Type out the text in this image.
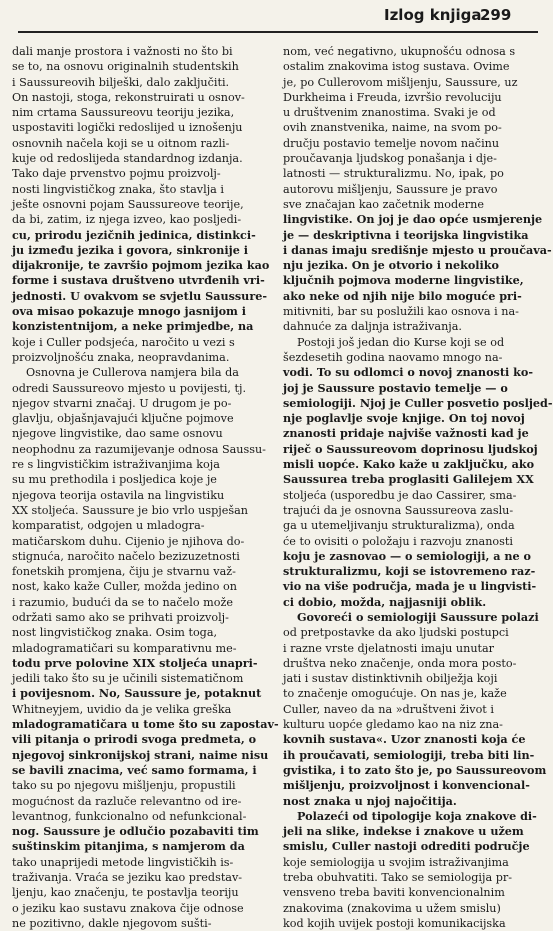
Izlog knjiga
299
dali manje prostora i važnosti no što bi
se to, na osnovu originalnih studentskih
i Saussureovih bilješki, dalo zaključiti.
On nastoji, stoga, rekonstruirati u osnov-
nim crtama Saussureovu teoriju jezika,
uspostaviti logički redoslijed u iznošenju
osnovnih načela koji se u oitnom razli-
kuje od redoslijeda standardnog izdanja.
Tako daje prvenstvo pojmu proizvolj-
nosti lingvističkog znaka, što stavlja i
ješte osnovni pojam Saussureove teorije,
da bi, zatim, iz njega izveo, kao posljedi-
cu, prirodu jezičnih jedinica, distinkci-
ju između jezika i govora, sinkronije i
dijakronije, te završio pojmom jezika kao
forme i sustava društveno utvrđenih vri-
jednosti. U ovakvom se svjetlu Saussure-
ova misao pokazuje mnogo jasnijom i
konzistentnijom, a neke primjedbe, na
koje i Culler podsjeća, naročito u vezi s
proizvoljnošću znaka, neopravdanima.
Osnovna je Cullerova namjera bila da
odredi Saussureovo mjesto u povijesti, tj.
njegov stvarni značaj. U drugom je po-
glavlju, objašnjavajući ključne pojmove
njegove lingvistike, dao same osnovu
neophodnu za razumijevanje odnosa Saussu-
re s lingvističkim istraživanjima koja
su mu prethodila i posljedica koje je
njegova teorija ostavila na lingvistiku
XX stoljeća. Saussure je bio vrlo uspješan
komparatist, odgojen u mladogra-
matičarskom duhu. Cijenio je njihova do-
stignuća, naročito načelo bezizuzetnosti
fonetskih promjena, čiju je stvarnu važ-
nost, kako kaže Culler, možda jedino on
i razumio, budući da se to načelo može
održati samo ako se prihvati proizvolj-
nost lingvističkog znaka. Osim toga,
mladogramatičari su komparativnu me-
todu prve polovine XIX stoljeća unapri-
jedili tako što su je učinili sistematičnom
i povijesnom. No, Saussure je, potaknut
Whitneyjem, uvidio da je velika greška
mladogramatičara u tome što su zapostav-
vili pitanja o prirodi svoga predmeta, o
njegovoj sinkronijskoj strani, naime nisu
se bavili znacima, već samo formama, i
tako su po njegovu mišljenju, propustili
mogućnost da razluče relevantno od ire-
levantnog, funkcionalno od nefunkcional-
nog. Saussure je odlučio pozabaviti tim
suštinskim pitanjima, s namjerom da
tako unaprijedi metode lingvističkih is-
traživanja. Vraća se jeziku kao predstav-
ljenju, kao značenju, te postavlja teoriju
o jeziku kao sustavu znakova čije odnose
ne pozitivno, dakle njegovom sušti-
nom, već negativno, ukupnošću odnosa s
ostalim znakovima istog sustava. Ovime
je, po Cullerovom mišljenju, Saussure, uz
Durkheima i Freuda, izvršio revoluciju
u društvenim znanostima. Svaki je od
ovih znanstvenika, naime, na svom po-
dručju postavio temelje novom načinu
proučavanja ljudskog ponašanja i dje-
latnosti — strukturalizmu. No, ipak, po
autorovu mišljenju, Saussure je pravo
sve značajan kao začetnik moderne
lingvistike. On joj je dao opće usmjerenje
je — deskriptivna i teorijska lingvistika
i danas imaju središnje mjesto u proučava-
nju jezika. On je otvorio i nekoliko
ključnih pojmova moderne lingvistike,
ako neke od njih nije bilo moguće pri-
mitivniti, bar su poslužili kao osnova i na-
dahnuće za daljnja istraživanja.
Postoji još jedan dio Kurse koji se od
šezdesetih godina naovamo mnogo na-
vodi. To su odlomci o novoj znanosti ko-
joj je Saussure postavio temelje — o
semiologiji. Njoj je Culler posvetio posljed-
nje poglavlje svoje knjige. On toj novoj
znanosti pridaje najviše važnosti kad je
riječ o Saussureovom doprinosu ljudskoj
misli uopće. Kako kaže u zaključku, ako
Saussurea treba proglasiti Galilejem XX
stoljeća (usporedbu je dao Cassirer, sma-
trajući da je osnovna Saussureova zaslu-
ga u utemeljivanju strukturalizma), onda
će to ovisiti o položaju i razvoju znanosti
koju je zasnovao — o semiologiji, a ne o
strukturalizmu, koji se istovremeno raz-
vio na više područja, mada je u lingvisti-
ci dobio, možda, najjasniji oblik.
Govoreći o semiologiji Saussure polazi
od pretpostavke da ako ljudski postupci
i razne vrste djelatnosti imaju unutar
društva neko značenje, onda mora posto-
jati i sustav distinktivnih obilježja koji
to značenje omogućuje. On nas je, kaže
Culler, naveo da na »društveni život i
kulturu uopće gledamo kao na niz zna-
kovnih sustava«. Uzor znanosti koja će
ih proučavati, semiologiji, treba biti lin-
gvistika, i to zato što je, po Saussureovom
mišljenju, proizvoljnost i konvencional-
nost znaka u njoj najočitija.
Polazeći od tipologije koja znakove di-
jeli na slike, indekse i znakove u užem
smislu, Culler nastoji odrediti područje
koje semiologija u svojim istraživanjima
treba obuhvatiti. Tako se semiologija pr-
vensveno treba baviti konvencionalnim
znakovima (znakovima u užem smislu)
kod kojih uvijek postoji komunikacijska
